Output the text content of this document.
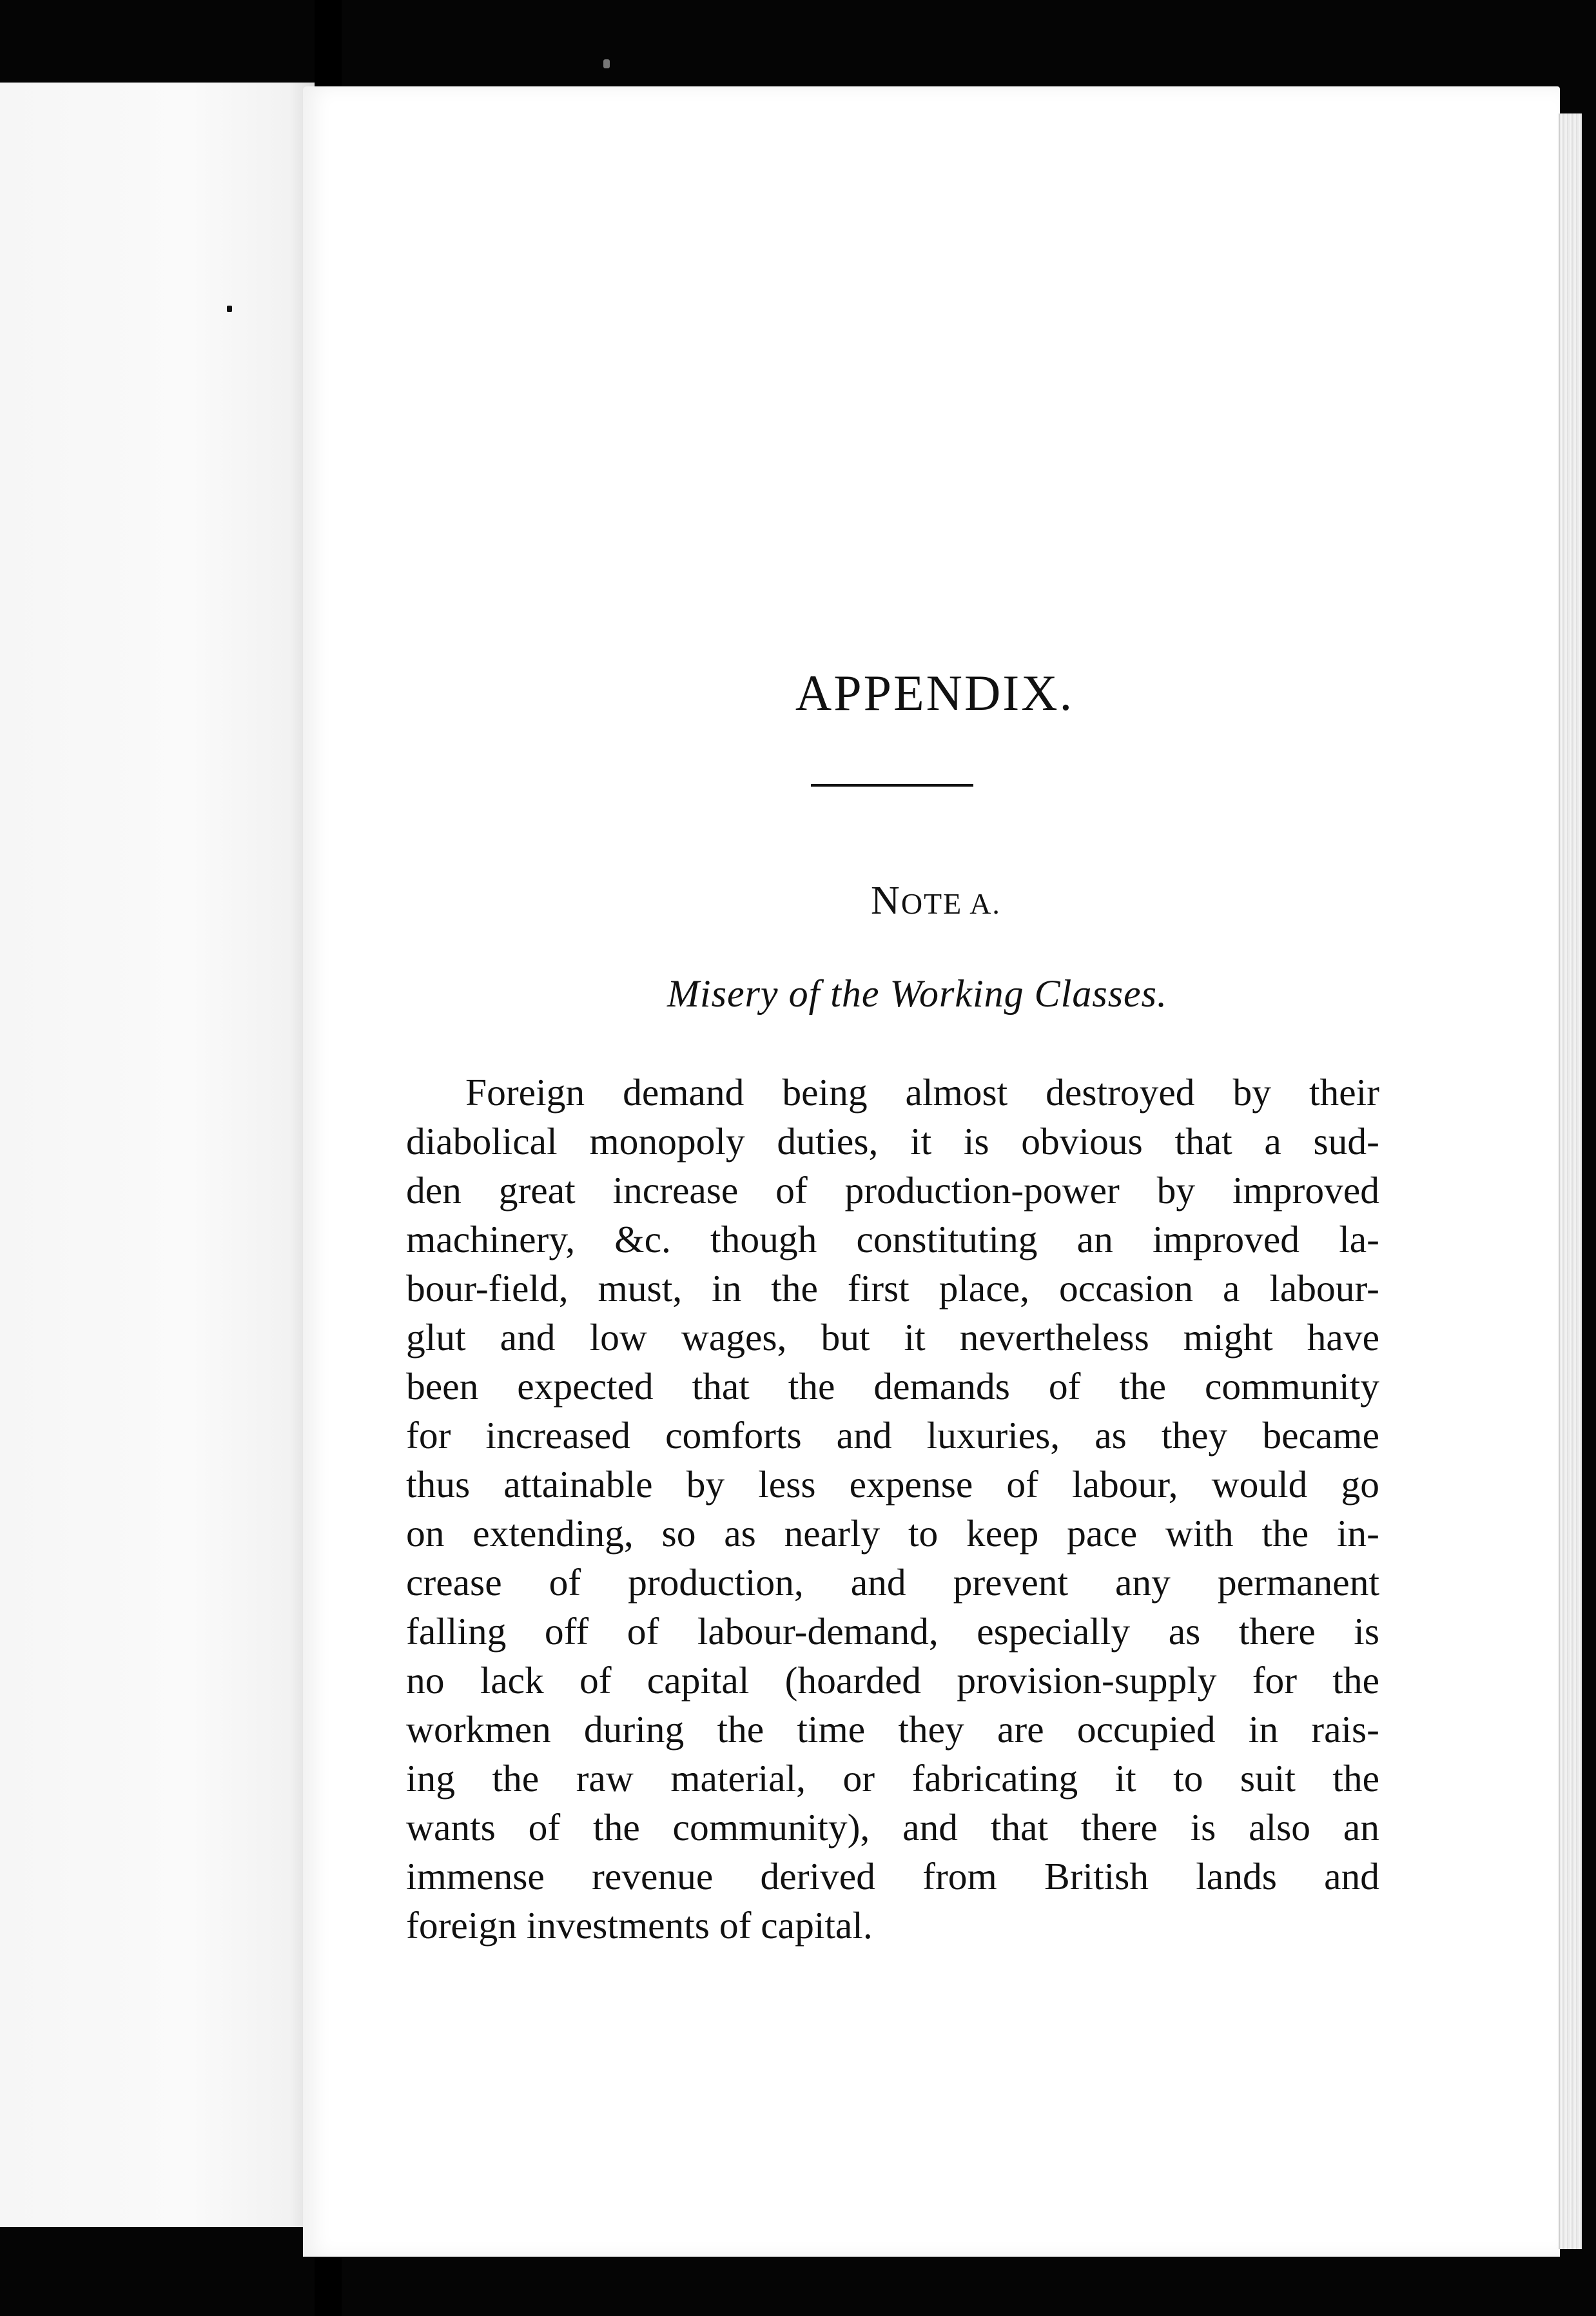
APPENDIX.
NOTE A.
Misery of the Working Classes.
Foreign demand being almost destroyed by their
diabolical monopoly duties, it is obvious that a sud-
den great increase of production-power by improved
machinery, &c. though constituting an improved la-
bour-field, must, in the first place, occasion a labour-
glut and low wages, but it nevertheless might have
been expected that the demands of the community
for increased comforts and luxuries, as they became
thus attainable by less expense of labour, would go
on extending, so as nearly to keep pace with the in-
crease of production, and prevent any permanent
falling off of labour-demand, especially as there is
no lack of capital (hoarded provision-supply for the
workmen during the time they are occupied in rais-
ing the raw material, or fabricating it to suit the
wants of the community), and that there is also an
immense revenue derived from British lands and
foreign investments of capital.
